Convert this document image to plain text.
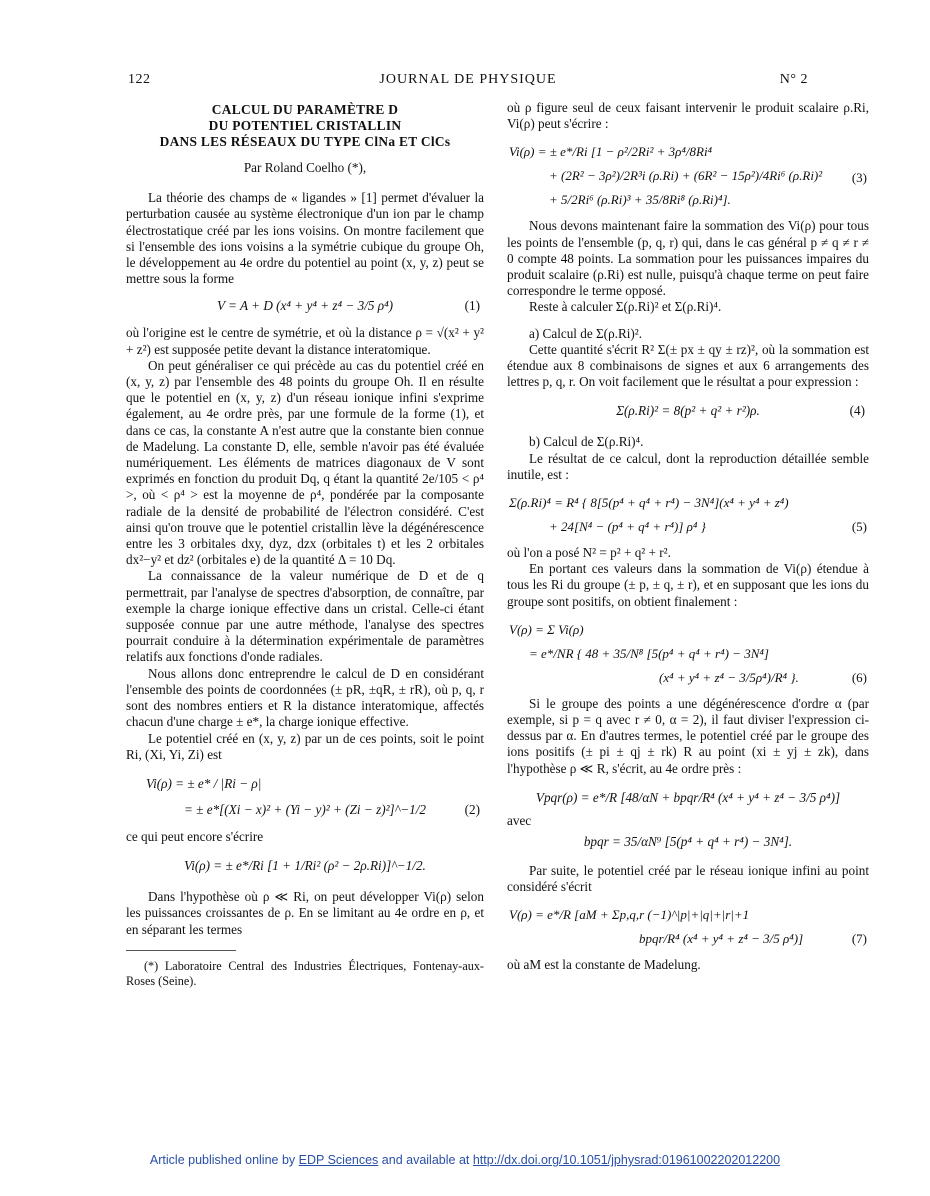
122	JOURNAL DE PHYSIQUE	N° 2
CALCUL DU PARAMÈTRE D
DU POTENTIEL CRISTALLIN
DANS LES RÉSEAUX DU TYPE ClNa ET ClCs
Par Roland Coelho (*),

La théorie des champs de « ligandes » [1] permet d'évaluer la perturbation causée au système électronique d'un ion par le champ électrostatique créé par les ions voisins. On montre facilement que si l'ensemble des ions voisins a la symétrie cubique du groupe Oh, le développement au 4e ordre du potentiel au point (x, y, z) peut se mettre sous la forme

V = A + D (x⁴ + y⁴ + z⁴ − 3/5 ρ⁴)	(1)

où l'origine est le centre de symétrie, et où la distance ρ = √(x² + y² + z²) est supposée petite devant la distance interatomique.

On peut généraliser ce qui précède au cas du potentiel créé en (x, y, z) par l'ensemble des 48 points du groupe Oh. Il en résulte que le potentiel en (x, y, z) d'un réseau ionique infini s'exprime également, au 4e ordre près, par une formule de la forme (1), et dans ce cas, la constante A n'est autre que la constante bien connue de Madelung. La constante D, elle, semble n'avoir pas été évaluée numériquement. Les éléments de matrices diagonaux de V sont exprimés en fonction du produit Dq, q étant la quantité 2e/105 < ρ⁴ >, où < ρ⁴ > est la moyenne de ρ⁴, pondérée par la composante radiale de la densité de probabilité de l'électron considéré. C'est ainsi qu'on trouve que le potentiel cristallin lève la dégénérescence entre les 3 orbitales dxy, dyz, dzx (orbitales t) et les 2 orbitales dx²−y² et dz² (orbitales e) de la quantité Δ = 10 Dq.

La connaissance de la valeur numérique de D et de q permettrait, par l'analyse de spectres d'absorption, de connaître, par exemple la charge ionique effective dans un cristal. Celle-ci étant supposée connue par une autre méthode, l'analyse des spectres pourrait conduire à la détermination expérimentale de paramètres relatifs aux fonctions d'onde radiales.

Nous allons donc entreprendre le calcul de D en considérant l'ensemble des points de coordonnées (± pR, ±qR, ± rR), où p, q, r sont des nombres entiers et R la distance interatomique, affectés chacun d'une charge ± e*, la charge ionique effective.

Le potentiel créé en (x, y, z) par un de ces points, soit le point Ri, (Xi, Yi, Zi) est

Vi(ρ) = ± e* / |Ri − ρ|
= ± e*[(Xi − x)² + (Yi − y)² + (Zi − z)²]^−1/2	(2)

ce qui peut encore s'écrire

Vi(ρ) = ± e*/Ri [1 + 1/Ri² (ρ² − 2ρ.Ri)]^−1/2.

Dans l'hypothèse où ρ ≪ Ri, on peut développer Vi(ρ) selon les puissances croissantes de ρ. En se limitant au 4e ordre en ρ, et en séparant les termes

(*) Laboratoire Central des Industries Électriques, Fontenay-aux-Roses (Seine).

où ρ figure seul de ceux faisant intervenir le produit scalaire ρ.Ri, Vi(ρ) peut s'écrire :

Vi(ρ) = ± e*/Ri [1 − ρ²/2Ri² + 3ρ⁴/8Ri⁴
+ (2R² − 3ρ²)/2R³i (ρ.Ri) + (6R² − 15ρ²)/4Ri⁶ (ρ.Ri)²
+ 5/2Ri⁶ (ρ.Ri)³ + 35/8Ri⁸ (ρ.Ri)⁴].
(3)

Nous devons maintenant faire la sommation des Vi(ρ) pour tous les points de l'ensemble (p, q, r) qui, dans le cas général p ≠ q ≠ r ≠ 0 compte 48 points. La sommation pour les puissances impaires du produit scalaire (ρ.Ri) est nulle, puisqu'à chaque terme on peut faire correspondre le terme opposé.

Reste à calculer Σ(ρ.Ri)² et Σ(ρ.Ri)⁴.

a) Calcul de Σ(ρ.Ri)².

Cette quantité s'écrit R² Σ(± px ± qy ± rz)², où la sommation est étendue aux 8 combinaisons de signes et aux 6 arrangements des lettres p, q, r. On voit facilement que le résultat a pour expression :

Σ(ρ.Ri)² = 8(p² + q² + r²)ρ.	(4)

b) Calcul de Σ(ρ.Ri)⁴.

Le résultat de ce calcul, dont la reproduction détaillée semble inutile, est :

Σ(ρ.Ri)⁴ = R⁴ { 8[5(p⁴ + q⁴ + r⁴) − 3N⁴](x⁴ + y⁴ + z⁴)
+ 24[N⁴ − (p⁴ + q⁴ + r⁴)] ρ⁴ }	(5)

où l'on a posé N² = p² + q² + r².

En portant ces valeurs dans la sommation de Vi(ρ) étendue à tous les Ri du groupe (± p, ± q, ± r), et en supposant que les ions du groupe sont positifs, on obtient finalement :

V(ρ) = Σ Vi(ρ)
= e*/NR { 48 + 35/N⁸ [5(p⁴ + q⁴ + r⁴) − 3N⁴]
(x⁴ + y⁴ + z⁴ − 3/5ρ⁴)/R⁴ }.	(6)

Si le groupe des points a une dégénérescence d'ordre α (par exemple, si p = q avec r ≠ 0, α = 2), il faut diviser l'expression ci-dessus par α. En d'autres termes, le potentiel créé par le groupe des ions positifs (± pi ± qj ± rk) R au point (xi ± yj ± zk), dans l'hypothèse ρ ≪ R, s'écrit, au 4e ordre près :

Vpqr(ρ) = e*/R [48/αN + bpqr/R⁴ (x⁴ + y⁴ + z⁴ − 3/5 ρ⁴)]

avec

bpqr = 35/αN⁹ [5(p⁴ + q⁴ + r⁴) − 3N⁴].

Par suite, le potentiel créé par le réseau ionique infini au point considéré s'écrit

V(ρ) = e*/R [aM + Σp,q,r (−1)^|p|+|q|+|r|+1
bpqr/R⁴ (x⁴ + y⁴ + z⁴ − 3/5 ρ⁴)]	(7)

où aM est la constante de Madelung.

Article published online by EDP Sciences and available at http://dx.doi.org/10.1051/jphysrad:01961002202012200
